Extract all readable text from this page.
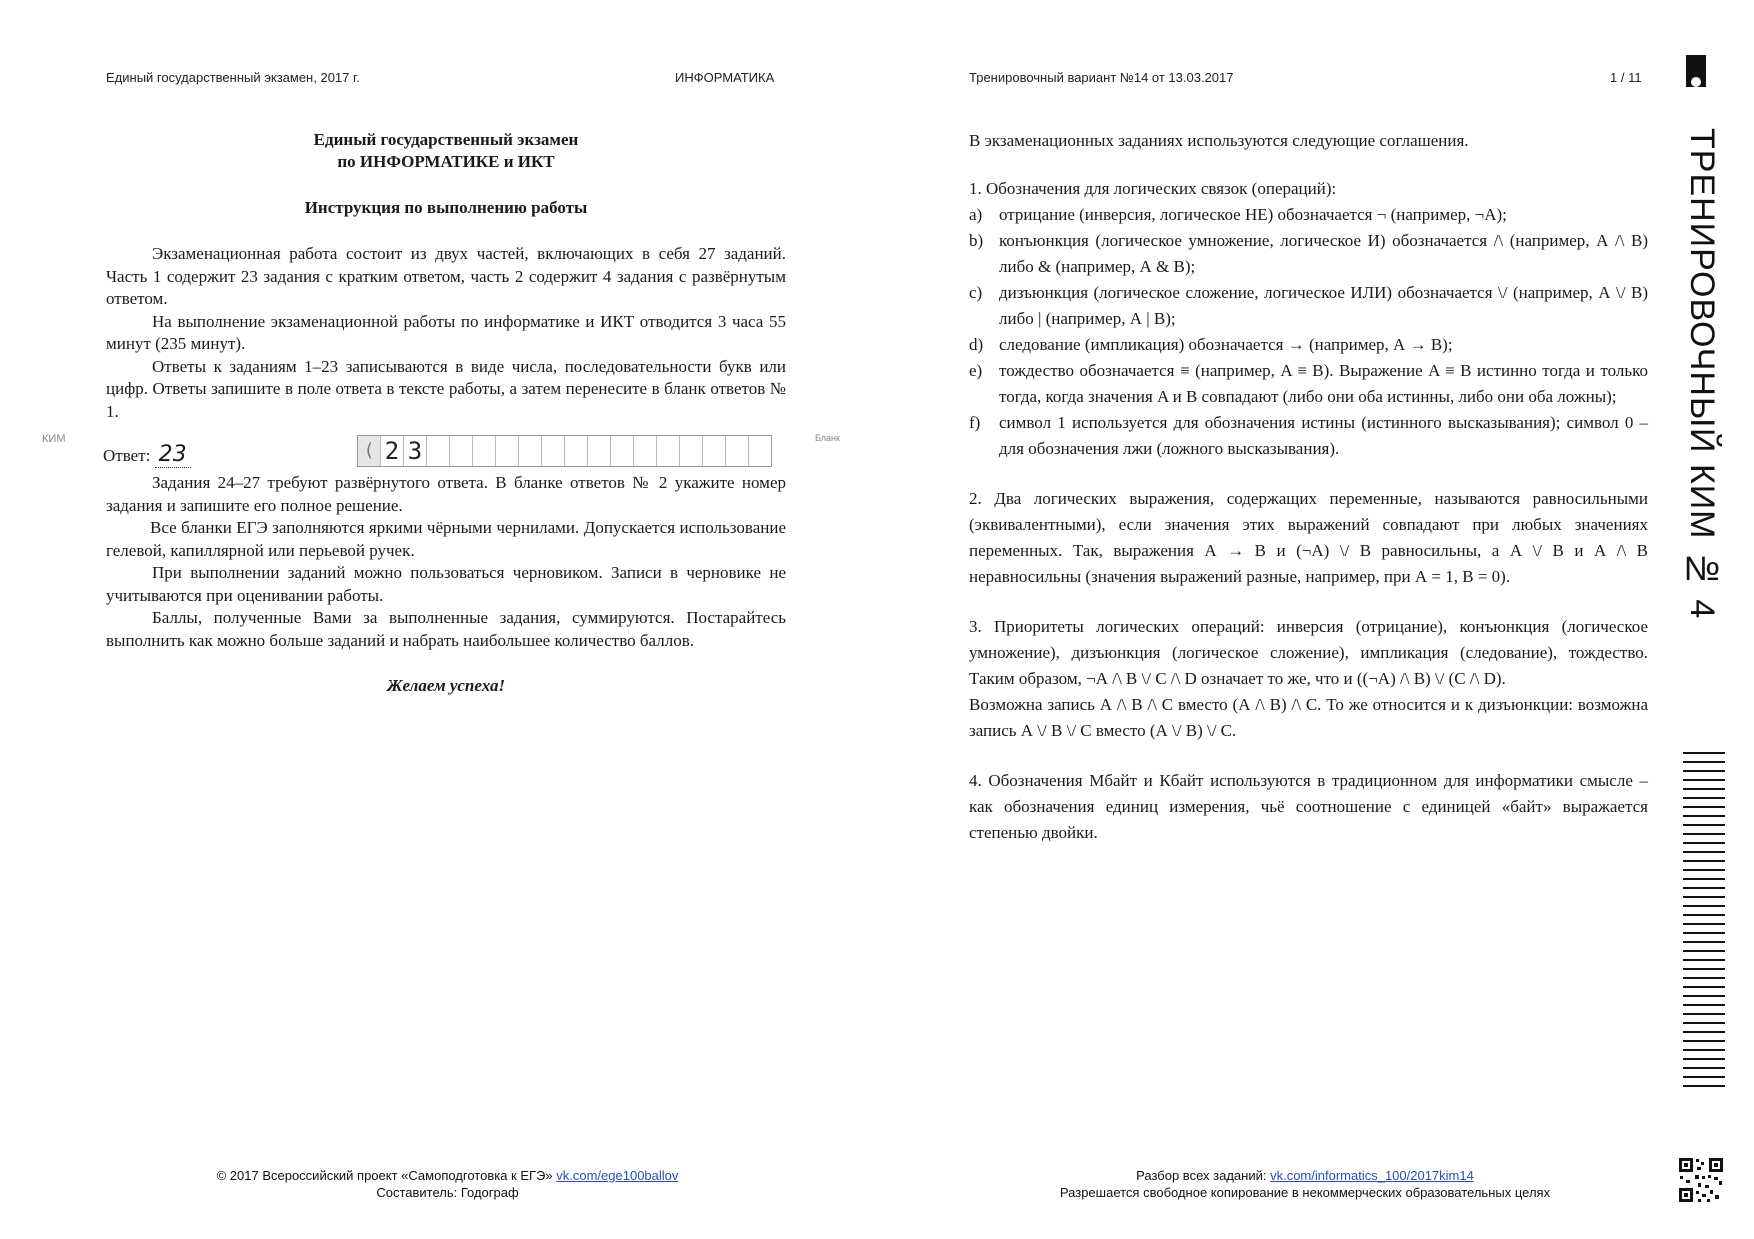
Единый государственный экзамен, 2017 г.	ИНФОРМАТИКА	Тренировочный вариант №14 от 13.03.2017	1 / 11
Единый государственный экзамен
по ИНФОРМАТИКЕ и ИКТ
Инструкция по выполнению работы

Экзаменационная работа состоит из двух частей, включающих в себя 27 заданий. Часть 1 содержит 23 задания с кратким ответом, часть 2 содержит 4 задания с развёрнутым ответом.

На выполнение экзаменационной работы по информатике и ИКТ отводится 3 часа 55 минут (235 минут).

Ответы к заданиям 1–23 записываются в виде числа, последовательности букв или цифр. Ответы запишите в поле ответа в тексте работы, а затем перенесите в бланк ответов № 1.

КИМ
Ответ: 23	( 2 3	Бланк

Задания 24–27 требуют развёрнутого ответа. В бланке ответов № 2 укажите номер задания и запишите его полное решение.

Все бланки ЕГЭ заполняются яркими чёрными чернилами. Допускается использование гелевой, капиллярной или перьевой ручек.

При выполнении заданий можно пользоваться черновиком. Записи в черновике не учитываются при оценивании работы.

Баллы, полученные Вами за выполненные задания, суммируются. Постарайтесь выполнить как можно больше заданий и набрать наибольшее количество баллов.

Желаем успеха!

В экзаменационных заданиях используются следующие соглашения.

1. Обозначения для логических связок (операций):

a) отрицание (инверсия, логическое НЕ) обозначается ¬ (например, ¬А);
b) конъюнкция (логическое умножение, логическое И) обозначается /\ (например, А /\ В) либо & (например, А & В);
c) дизъюнкция (логическое сложение, логическое ИЛИ) обозначается \/ (например, А \/ В) либо | (например, А | В);
d) следование (импликация) обозначается → (например, А → В);
e) тождество обозначается ≡ (например, A ≡ B). Выражение A ≡ B истинно тогда и только тогда, когда значения A и B совпадают (либо они оба истинны, либо они оба ложны);
f)	символ 1 используется для обозначения истины (истинного высказывания); символ 0 – для обозначения лжи (ложного высказывания).

2. Два логических выражения, содержащих переменные, называются равносильными (эквивалентными), если значения этих выражений совпадают при любых значениях переменных. Так, выражения А → В и (¬А) \/ В равносильны, а А \/ В и А /\ В неравносильны (значения выражений разные, например, при А = 1, В = 0).

3. Приоритеты логических операций: инверсия (отрицание), конъюнкция (логическое умножение), дизъюнкция (логическое сложение), импликация (следование), тождество. Таким образом, ¬А /\ В \/ С /\ D означает то же, что и ((¬А) /\ В) \/ (С /\ D).

Возможна запись А /\ В /\ С вместо (А /\ В) /\ С. То же относится и к дизъюнкции: возможна запись А \/ В \/ С вместо (А \/ В) \/ С.

4. Обозначения Мбайт и Кбайт используются в традиционном для информатики смысле – как обозначения единиц измерения, чьё соотношение с единицей «байт» выражается степенью двойки.

© 2017 Всероссийский проект «Самоподготовка к ЕГЭ» vk.com/ege100ballov
Составитель: Годограф
Разбор всех заданий: vk.com/informatics_100/2017kim14
Разрешается свободное копирование в некоммерческих образовательных целях
ТРЕНИРОВОЧНЫЙ КИМ № 4
